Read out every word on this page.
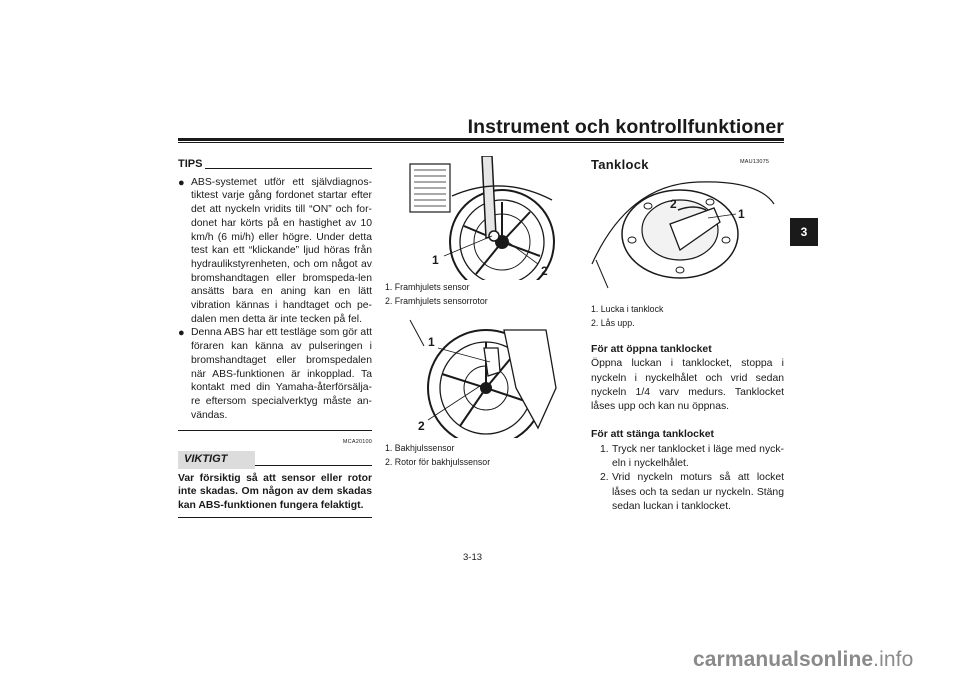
Instrument och kontrollfunktioner
3
TIPS
● ABS-systemet utför ett självdiagnos-tiktest varje gång fordonet startar efter det att nyckeln vridits till “ON” och for-donet har körts på en hastighet av 10 km/h (6 mi/h) eller högre. Under detta test kan ett “klickande” ljud höras från hydraulikstyrenheten, och om något av bromshandtagen eller bromspeda-len ansätts bara en aning kan en lätt vibration kännas i handtaget och pe-dalen men detta är inte tecken på fel.
● Denna ABS har ett testläge som gör att föraren kan känna av pulseringen i bromshandtaget eller bromspedalen när ABS-funktionen är inkopplad. Ta kontakt med din Yamaha-återförsälja-re eftersom specialverktyg måste an-vändas.
MCA20100
VIKTIGT
Var försiktig så att sensor eller rotor inte skadas. Om någon av dem skadas kan ABS-funktionen fungera felaktigt.
1
2
1. Framhjulets sensor
2. Framhjulets sensorrotor
1
2
1. Bakhjulssensor
2. Rotor för bakhjulssensor
MAU13075
Tanklock
2
1
1. Lucka i tanklock
2. Lås upp.
För att öppna tanklocket

Öppna luckan i tanklocket, stoppa i nyckeln i nyckelhålet och vrid sedan nyckeln 1/4 varv medurs. Tanklocket låses upp och kan nu öppnas.

För att stänga tanklocket
1. Tryck ner tanklocket i läge med nyck-eln i nyckelhålet.
2. Vrid nyckeln moturs så att locket låses och ta sedan ur nyckeln. Stäng sedan luckan i tanklocket.
3-13
carmanualsonline.info
